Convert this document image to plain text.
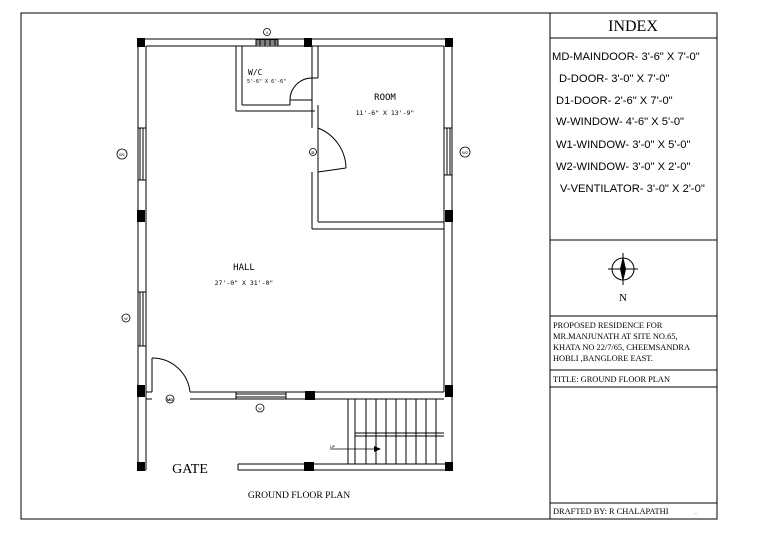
INDEX
MD-MAINDOOR- 3'-6" X 7'-0"
D-DOOR- 3'-0" X 7'-0"
D1-DOOR- 2'-6" X 7'-0"
W-WINDOW- 4'-6" X 5'-0"
W1-WINDOW- 3'-0" X 5'-0"
W2-WINDOW- 3'-0" X 2'-0"
V-VENTILATOR- 3'-0" X 2'-0"
N
PROPOSED RESIDENCE FOR
MR.MANJUNATH AT SITE NO.65,
KHATA NO 22/7/65, CHEEMSANDRA
HOBLI ,BANGLORE EAST.
TITLE: GROUND FLOOR PLAN
DRAFTED BY: R CHALAPATHI	...
V
W1	W2
W
W
D
MD
UP
W/C
5'-6" X 6'-6"
ROOM
11'-6" X 13'-9"
HALL
27'-0" X 31'-0"
GATE
GROUND FLOOR PLAN
